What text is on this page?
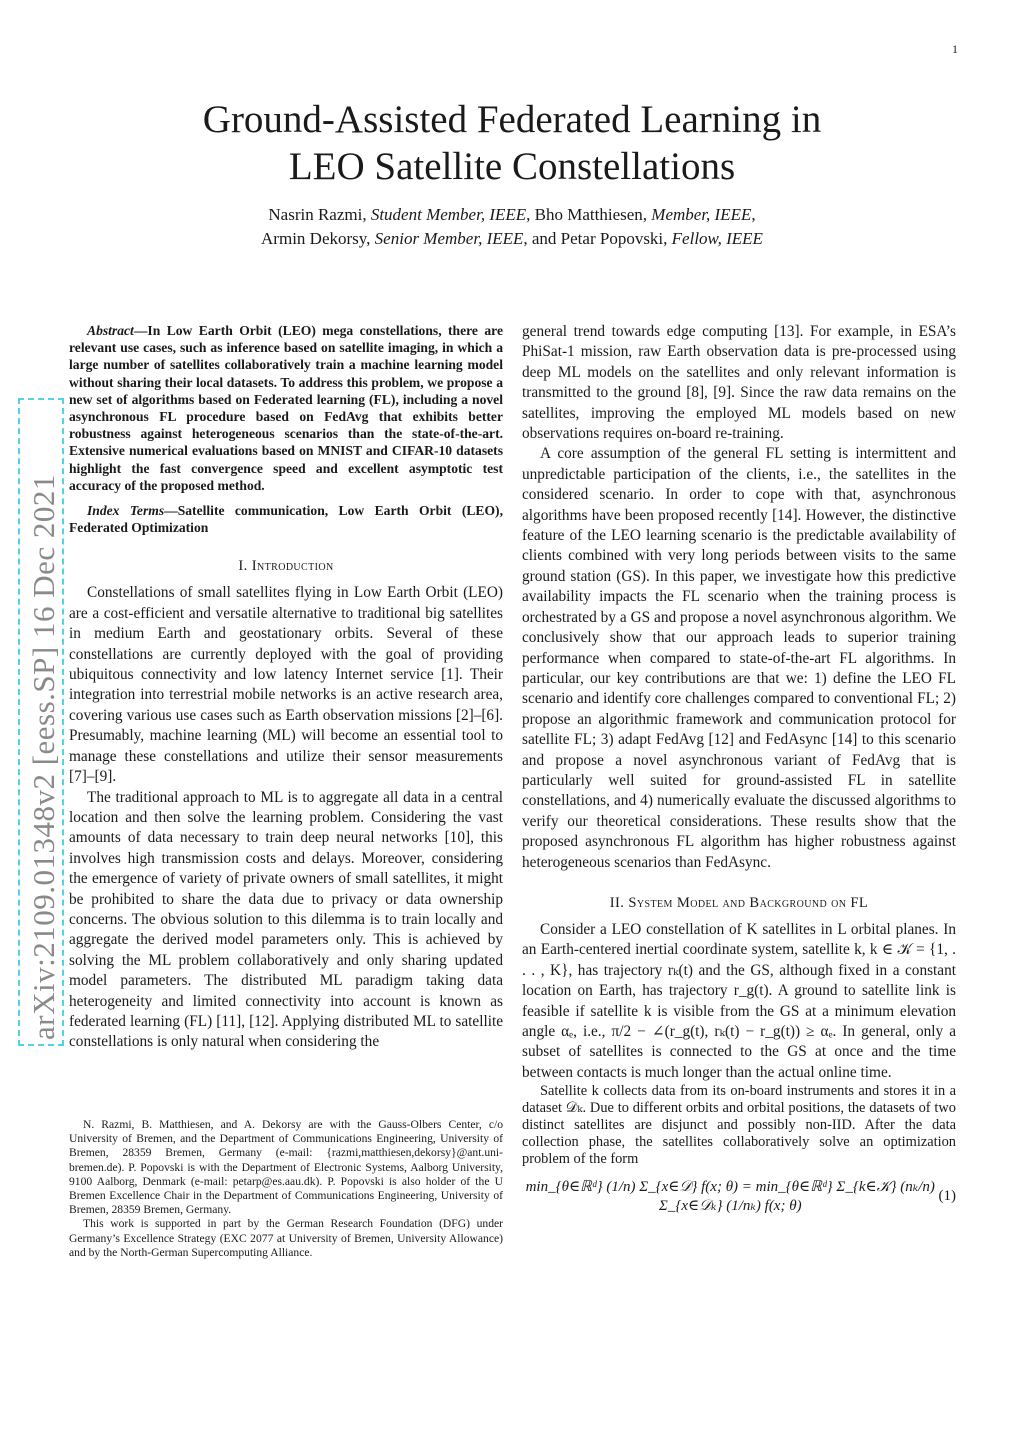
1
arXiv:2109.01348v2 [eess.SP] 16 Dec 2021
Ground-Assisted Federated Learning in
LEO Satellite Constellations
Nasrin Razmi, Student Member, IEEE, Bho Matthiesen, Member, IEEE,
Armin Dekorsy, Senior Member, IEEE, and Petar Popovski, Fellow, IEEE

Abstract—In Low Earth Orbit (LEO) mega constellations, there are relevant use cases, such as inference based on satellite imaging, in which a large number of satellites collaboratively train a machine learning model without sharing their local datasets. To address this problem, we propose a new set of algorithms based on Federated learning (FL), including a novel asynchronous FL procedure based on FedAvg that exhibits better robustness against heterogeneous scenarios than the state-of-the-art. Extensive numerical evaluations based on MNIST and CIFAR-10 datasets highlight the fast convergence speed and excellent asymptotic test accuracy of the proposed method.

Index Terms—Satellite communication, Low Earth Orbit (LEO), Federated Optimization

I. Introduction

Constellations of small satellites flying in Low Earth Orbit (LEO) are a cost-efficient and versatile alternative to traditional big satellites in medium Earth and geostationary orbits. Several of these constellations are currently deployed with the goal of providing ubiquitous connectivity and low latency Internet service [1]. Their integration into terrestrial mobile networks is an active research area, covering various use cases such as Earth observation missions [2]–[6]. Presumably, machine learning (ML) will become an essential tool to manage these constellations and utilize their sensor measurements [7]–[9].

The traditional approach to ML is to aggregate all data in a central location and then solve the learning problem. Considering the vast amounts of data necessary to train deep neural networks [10], this involves high transmission costs and delays. Moreover, considering the emergence of variety of private owners of small satellites, it might be prohibited to share the data due to privacy or data ownership concerns. The obvious solution to this dilemma is to train locally and aggregate the derived model parameters only. This is achieved by solving the ML problem collaboratively and only sharing updated model parameters. The distributed ML paradigm taking data heterogeneity and limited connectivity into account is known as federated learning (FL) [11], [12]. Applying distributed ML to satellite constellations is only natural when considering the

N. Razmi, B. Matthiesen, and A. Dekorsy are with the Gauss-Olbers Center, c/o University of Bremen, and the Department of Communications Engineering, University of Bremen, 28359 Bremen, Germany (e-mail: {razmi,matthiesen,dekorsy}@ant.uni-bremen.de). P. Popovski is with the Department of Electronic Systems, Aalborg University, 9100 Aalborg, Denmark (e-mail: petarp@es.aau.dk). P. Popovski is also holder of the U Bremen Excellence Chair in the Department of Communications Engineering, University of Bremen, 28359 Bremen, Germany.

This work is supported in part by the German Research Foundation (DFG) under Germany’s Excellence Strategy (EXC 2077 at University of Bremen, University Allowance) and by the North-German Supercomputing Alliance.

general trend towards edge computing [13]. For example, in ESA’s PhiSat-1 mission, raw Earth observation data is pre-processed using deep ML models on the satellites and only relevant information is transmitted to the ground [8], [9]. Since the raw data remains on the satellites, improving the employed ML models based on new observations requires on-board re-training.

A core assumption of the general FL setting is intermittent and unpredictable participation of the clients, i.e., the satellites in the considered scenario. In order to cope with that, asynchronous algorithms have been proposed recently [14]. However, the distinctive feature of the LEO learning scenario is the predictable availability of clients combined with very long periods between visits to the same ground station (GS). In this paper, we investigate how this predictive availability impacts the FL scenario when the training process is orchestrated by a GS and propose a novel asynchronous algorithm. We conclusively show that our approach leads to superior training performance when compared to state-of-the-art FL algorithms. In particular, our key contributions are that we: 1) define the LEO FL scenario and identify core challenges compared to conventional FL; 2) propose an algorithmic framework and communication protocol for satellite FL; 3) adapt FedAvg [12] and FedAsync [14] to this scenario and propose a novel asynchronous variant of FedAvg that is particularly well suited for ground-assisted FL in satellite constellations, and 4) numerically evaluate the discussed algorithms to verify our theoretical considerations. These results show that the proposed asynchronous FL algorithm has higher robustness against heterogeneous scenarios than FedAsync.

II. System Model and Background on FL

Consider a LEO constellation of K satellites in L orbital planes. In an Earth-centered inertial coordinate system, satellite k, k ∈ 𝒦 = {1, . . . , K}, has trajectory rₖ(t) and the GS, although fixed in a constant location on Earth, has trajectory r_g(t). A ground to satellite link is feasible if satellite k is visible from the GS at a minimum elevation angle αₑ, i.e., π/2 − ∠(r_g(t), rₖ(t) − r_g(t)) ≥ αₑ. In general, only a subset of satellites is connected to the GS at once and the time between contacts is much longer than the actual online time.

Satellite k collects data from its on-board instruments and stores it in a dataset 𝒟ₖ. Due to different orbits and orbital positions, the datasets of two distinct satellites are disjunct and possibly non-IID. After the data collection phase, the satellites collaboratively solve an optimization problem of the form

min_{θ∈ℝᵈ} (1/n) Σ_{x∈𝒟} f(x; θ) = min_{θ∈ℝᵈ} Σ_{k∈𝒦} (nₖ/n) Σ_{x∈𝒟ₖ} (1/nₖ) f(x; θ)
(1)
